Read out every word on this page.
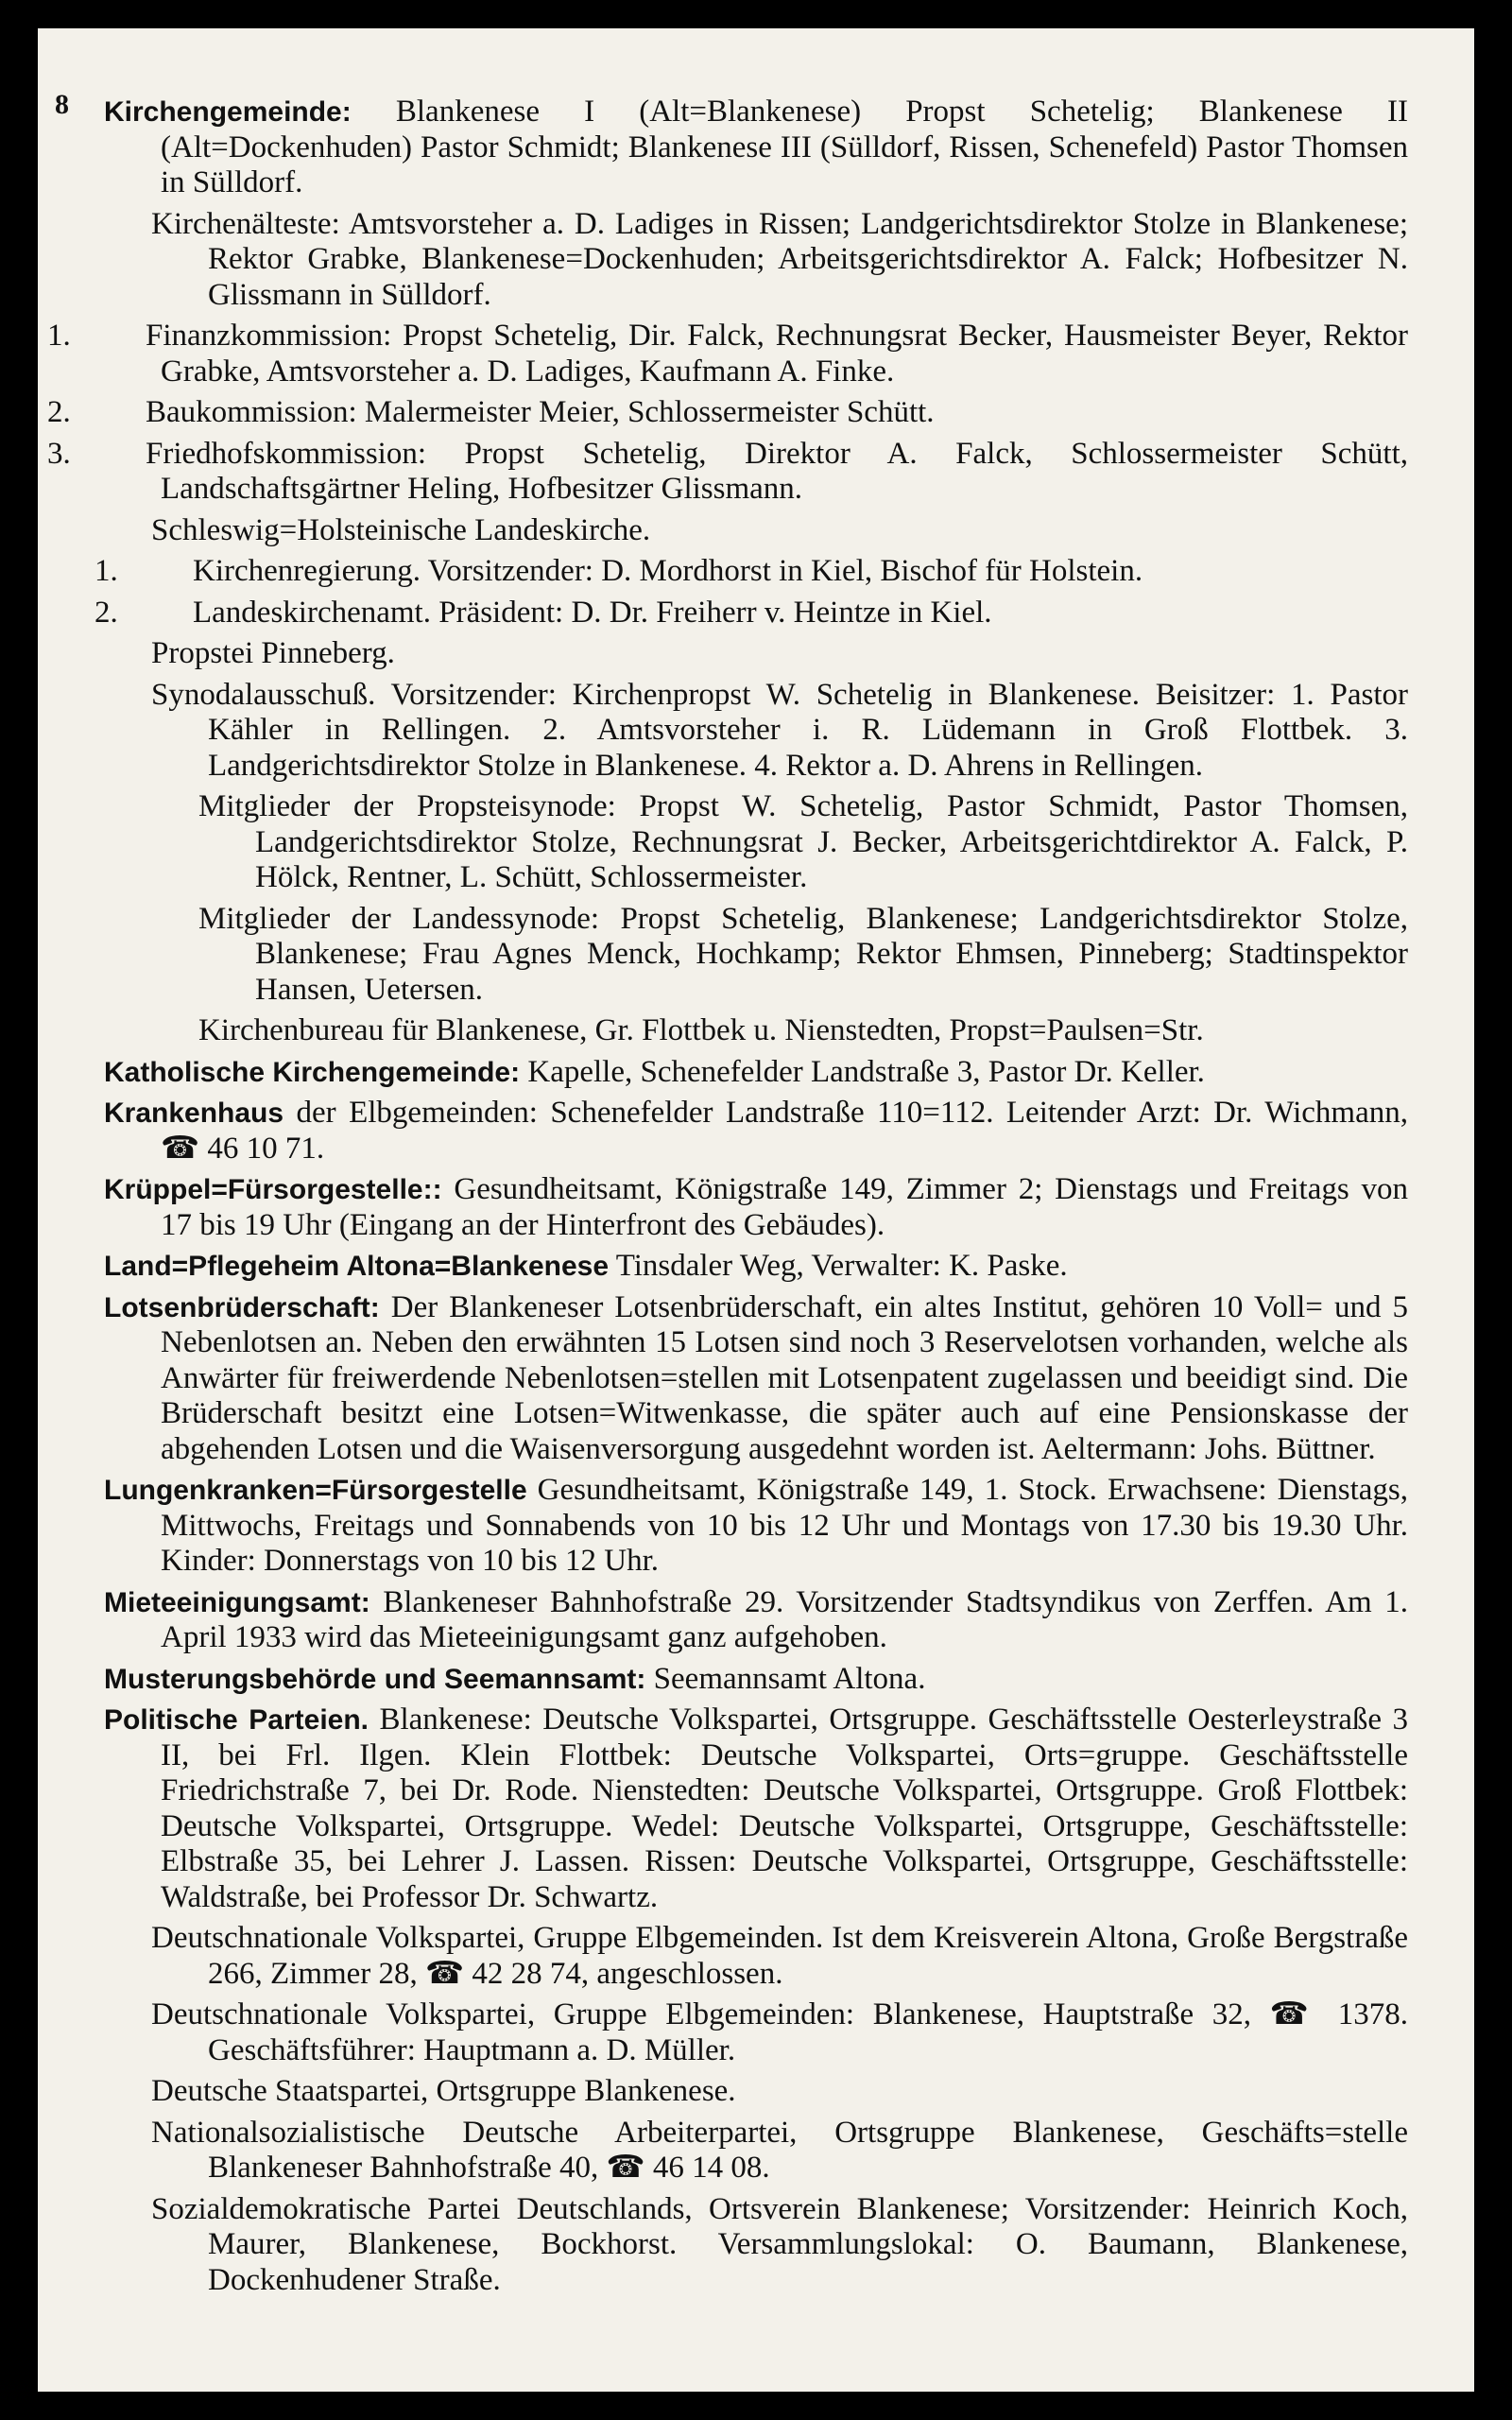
8 Kirchengemeinde: Blankenese I (Alt=Blankenese) Propst Schetelig; Blankenese II (Alt=Dockenhuden) Pastor Schmidt; Blankenese III (Sülldorf, Rissen, Schenefeld) Pastor Thomsen in Sülldorf.

Kirchenälteste: Amtsvorsteher a. D. Ladiges in Rissen; Landgerichtsdirektor Stolze in Blankenese; Rektor Grabke, Blankenese=Dockenhuden; Arbeitsgerichtsdirektor A. Falck; Hofbesitzer N. Glissmann in Sülldorf.

1. Finanzkommission: Propst Schetelig, Dir. Falck, Rechnungsrat Becker, Hausmeister Beyer, Rektor Grabke, Amtsvorsteher a. D. Ladiges, Kaufmann A. Finke.

2. Baukommission: Malermeister Meier, Schlossermeister Schütt.

3. Friedhofskommission: Propst Schetelig, Direktor A. Falck, Schlossermeister Schütt, Landschaftsgärtner Heling, Hofbesitzer Glissmann.

Schleswig=Holsteinische Landeskirche.

1. Kirchenregierung. Vorsitzender: D. Mordhorst in Kiel, Bischof für Holstein.

2. Landeskirchenamt. Präsident: D. Dr. Freiherr v. Heintze in Kiel.

Propstei Pinneberg.

Synodalausschuß. Vorsitzender: Kirchenpropst W. Schetelig in Blankenese. Beisitzer: 1. Pastor Kähler in Rellingen. 2. Amtsvorsteher i. R. Lüdemann in Groß Flottbek. 3. Landgerichtsdirektor Stolze in Blankenese. 4. Rektor a. D. Ahrens in Rellingen.

Mitglieder der Propsteisynode: Propst W. Schetelig, Pastor Schmidt, Pastor Thomsen, Landgerichtsdirektor Stolze, Rechnungsrat J. Becker, Arbeitsgerichtdirektor A. Falck, P. Hölck, Rentner, L. Schütt, Schlossermeister.

Mitglieder der Landessynode: Propst Schetelig, Blankenese; Landgerichtsdirektor Stolze, Blankenese; Frau Agnes Menck, Hochkamp; Rektor Ehmsen, Pinneberg; Stadtinspektor Hansen, Uetersen.

Kirchenbureau für Blankenese, Gr. Flottbek u. Nienstedten, Propst=Paulsen=Str.

Katholische Kirchengemeinde: Kapelle, Schenefelder Landstraße 3, Pastor Dr. Keller.

Krankenhaus der Elbgemeinden: Schenefelder Landstraße 110=112. Leitender Arzt: Dr. Wichmann, ☎ 46 10 71.

Krüppel=Fürsorgestelle:: Gesundheitsamt, Königstraße 149, Zimmer 2; Dienstags und Freitags von 17 bis 19 Uhr (Eingang an der Hinterfront des Gebäudes).

Land=Pflegeheim Altona=Blankenese Tinsdaler Weg, Verwalter: K. Paske.

Lotsenbrüderschaft: Der Blankeneser Lotsenbrüderschaft, ein altes Institut, gehören 10 Voll= und 5 Nebenlotsen an. Neben den erwähnten 15 Lotsen sind noch 3 Reservelotsen vorhanden, welche als Anwärter für freiwerdende Nebenlotsen=stellen mit Lotsenpatent zugelassen und beeidigt sind. Die Brüderschaft besitzt eine Lotsen=Witwenkasse, die später auch auf eine Pensionskasse der abgehenden Lotsen und die Waisenversorgung ausgedehnt worden ist. Aeltermann: Johs. Büttner.

Lungenkranken=Fürsorgestelle Gesundheitsamt, Königstraße 149, 1. Stock. Erwachsene: Dienstags, Mittwochs, Freitags und Sonnabends von 10 bis 12 Uhr und Montags von 17.30 bis 19.30 Uhr. Kinder: Donnerstags von 10 bis 12 Uhr.

Mieteeinigungsamt: Blankeneser Bahnhofstraße 29. Vorsitzender Stadtsyndikus von Zerffen. Am 1. April 1933 wird das Mieteeinigungsamt ganz aufgehoben.

Musterungsbehörde und Seemannsamt: Seemannsamt Altona.

Politische Parteien. Blankenese: Deutsche Volkspartei, Ortsgruppe. Geschäftsstelle Oesterleystraße 3 II, bei Frl. Ilgen. Klein Flottbek: Deutsche Volkspartei, Orts=gruppe. Geschäftsstelle Friedrichstraße 7, bei Dr. Rode. Nienstedten: Deutsche Volkspartei, Ortsgruppe. Groß Flottbek: Deutsche Volkspartei, Ortsgruppe. Wedel: Deutsche Volkspartei, Ortsgruppe, Geschäftsstelle: Elbstraße 35, bei Lehrer J. Lassen. Rissen: Deutsche Volkspartei, Ortsgruppe, Geschäftsstelle: Waldstraße, bei Professor Dr. Schwartz.

Deutschnationale Volkspartei, Gruppe Elbgemeinden. Ist dem Kreisverein Altona, Große Bergstraße 266, Zimmer 28, ☎ 42 28 74, angeschlossen.

Deutschnationale Volkspartei, Gruppe Elbgemeinden: Blankenese, Hauptstraße 32, ☎ 1378. Geschäftsführer: Hauptmann a. D. Müller.

Deutsche Staatspartei, Ortsgruppe Blankenese.

Nationalsozialistische Deutsche Arbeiterpartei, Ortsgruppe Blankenese, Geschäfts=stelle Blankeneser Bahnhofstraße 40, ☎ 46 14 08.

Sozialdemokratische Partei Deutschlands, Ortsverein Blankenese; Vorsitzender: Heinrich Koch, Maurer, Blankenese, Bockhorst. Versammlungslokal: O. Baumann, Blankenese, Dockenhudener Straße.
